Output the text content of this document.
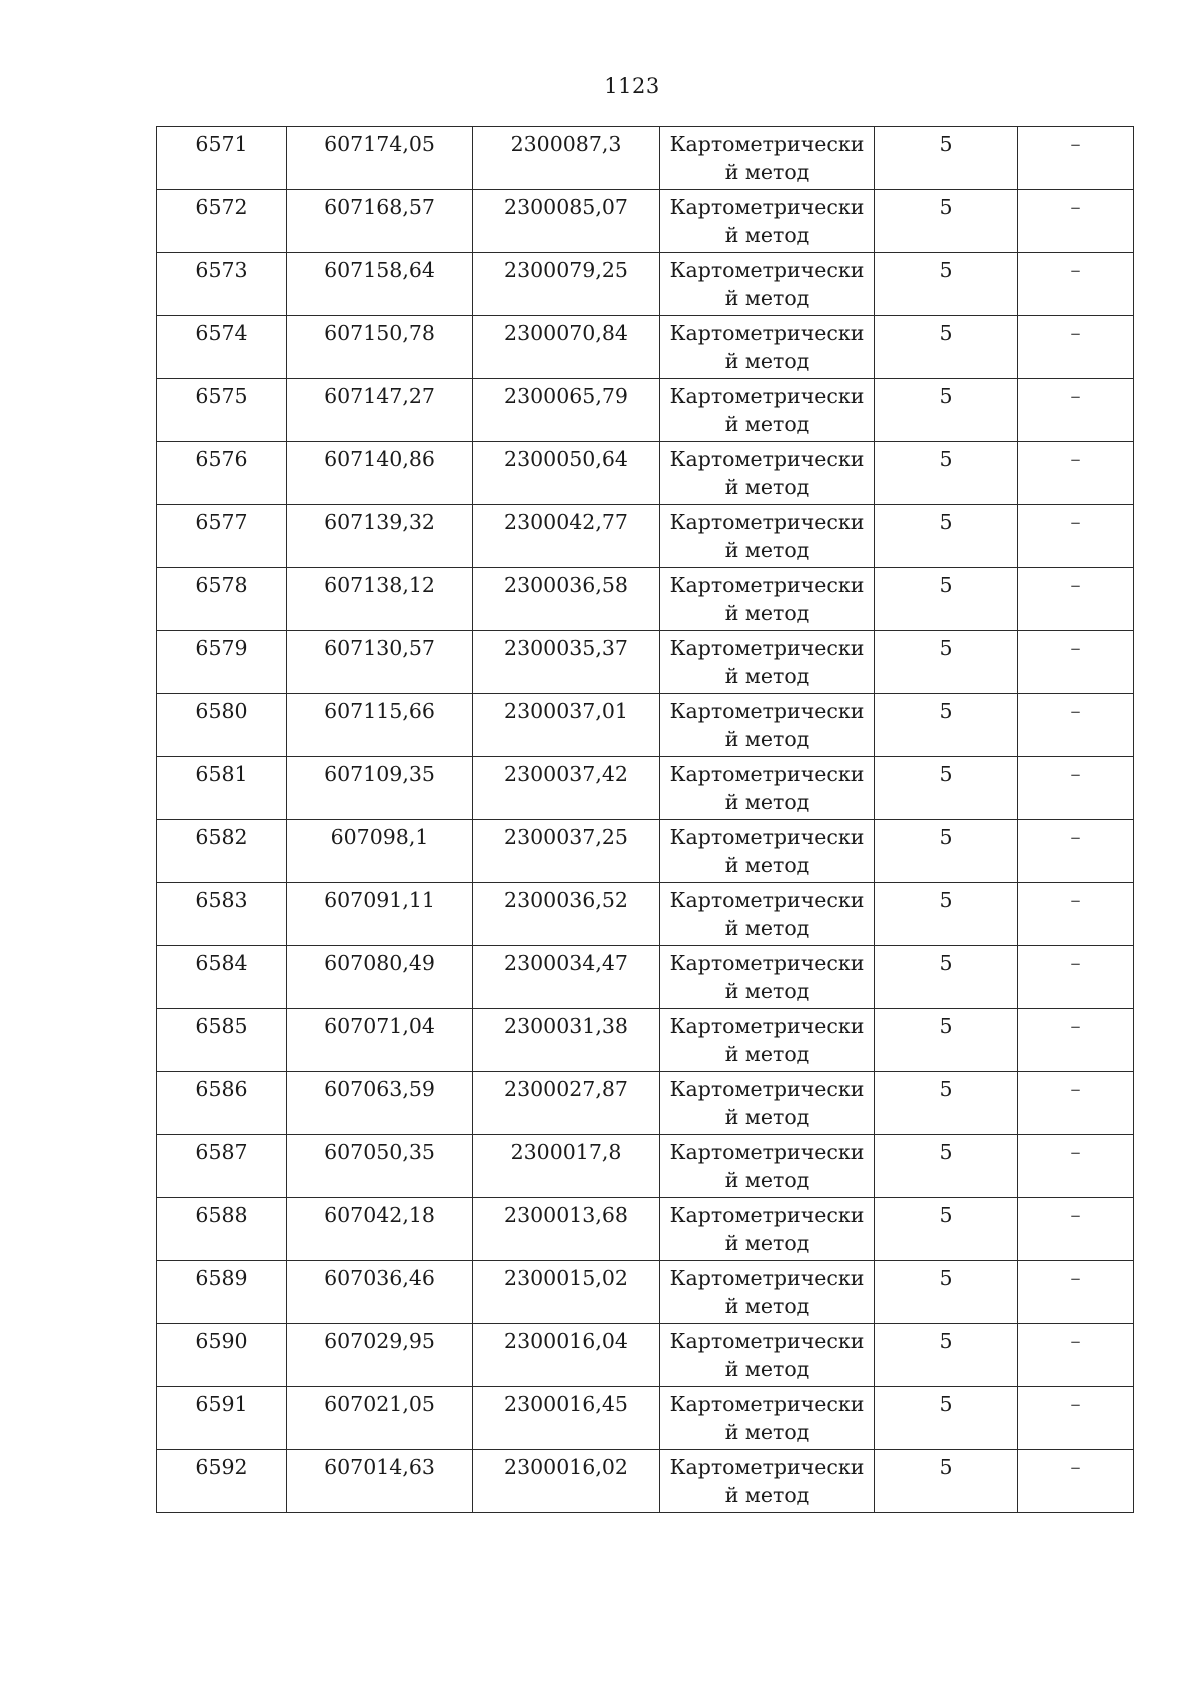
1123
6571	607174,05	2300087,3	Картометрически
й метод	5	–

6572	607168,57	2300085,07	Картометрически
й метод	5	–

6573	607158,64	2300079,25	Картометрически
й метод	5	–

6574	607150,78	2300070,84	Картометрически
й метод	5	–

6575	607147,27	2300065,79	Картометрически
й метод	5	–

6576	607140,86	2300050,64	Картометрически
й метод	5	–

6577	607139,32	2300042,77	Картометрически
й метод	5	–

6578	607138,12	2300036,58	Картометрически
й метод	5	–

6579	607130,57	2300035,37	Картометрически
й метод	5	–

6580	607115,66	2300037,01	Картометрически
й метод	5	–

6581	607109,35	2300037,42	Картометрически
й метод	5	–

6582	607098,1	2300037,25	Картометрически
й метод	5	–

6583	607091,11	2300036,52	Картометрически
й метод	5	–

6584	607080,49	2300034,47	Картометрически
й метод	5	–

6585	607071,04	2300031,38	Картометрически
й метод	5	–

6586	607063,59	2300027,87	Картометрически
й метод	5	–

6587	607050,35	2300017,8	Картометрически
й метод	5	–

6588	607042,18	2300013,68	Картометрически
й метод	5	–

6589	607036,46	2300015,02	Картометрически
й метод	5	–

6590	607029,95	2300016,04	Картометрически
й метод	5	–

6591	607021,05	2300016,45	Картометрически
й метод	5	–

6592	607014,63	2300016,02	Картометрически
й метод	5	–
